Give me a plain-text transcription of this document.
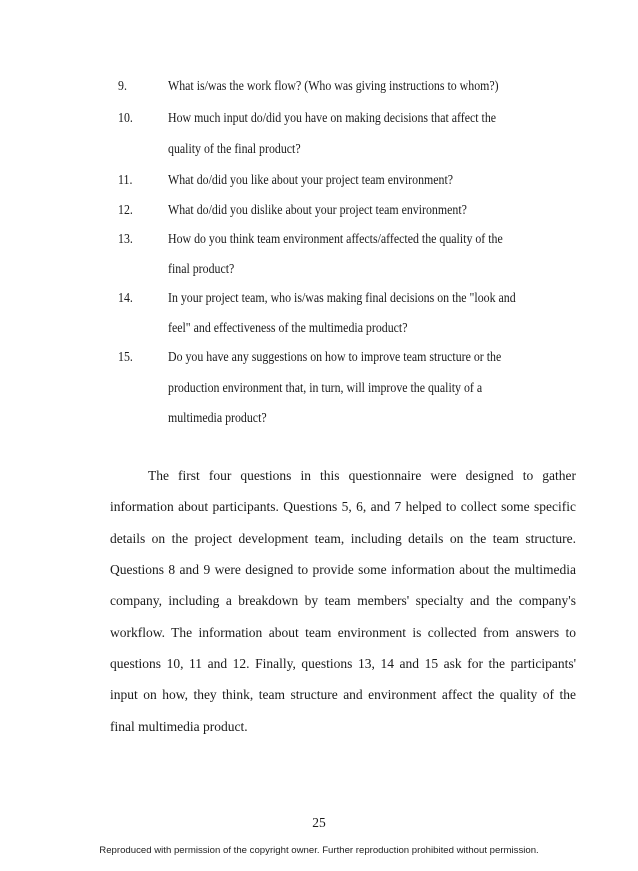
9.	What is/was the work flow? (Who was giving instructions to whom?)
10.	How much input do/did you have on making decisions that affect the
quality of the final product?
11.	What do/did you like about your project team environment?
12.	What do/did you dislike about your project team environment?
13.	How do you think team environment affects/affected the quality of the
final product?
14.	In your project team, who is/was making final decisions on the "look and
feel" and effectiveness of the multimedia product?
15.	Do you have any suggestions on how to improve team structure or the
production environment that, in turn, will improve the quality of a
multimedia product?
The first four questions in this questionnaire were designed to gather
information about participants. Questions 5, 6, and 7 helped to collect some specific
details on the project development team, including details on the team structure.
Questions 8 and 9 were designed to provide some information about the multimedia
company, including a breakdown by team members' specialty and the company's
workflow. The information about team environment is collected from answers to
questions 10, 11 and 12. Finally, questions 13, 14 and 15 ask for the participants'
input on how, they think, team structure and environment affect the quality of the
final multimedia product.
25
Reproduced with permission of the copyright owner. Further reproduction prohibited without permission.
